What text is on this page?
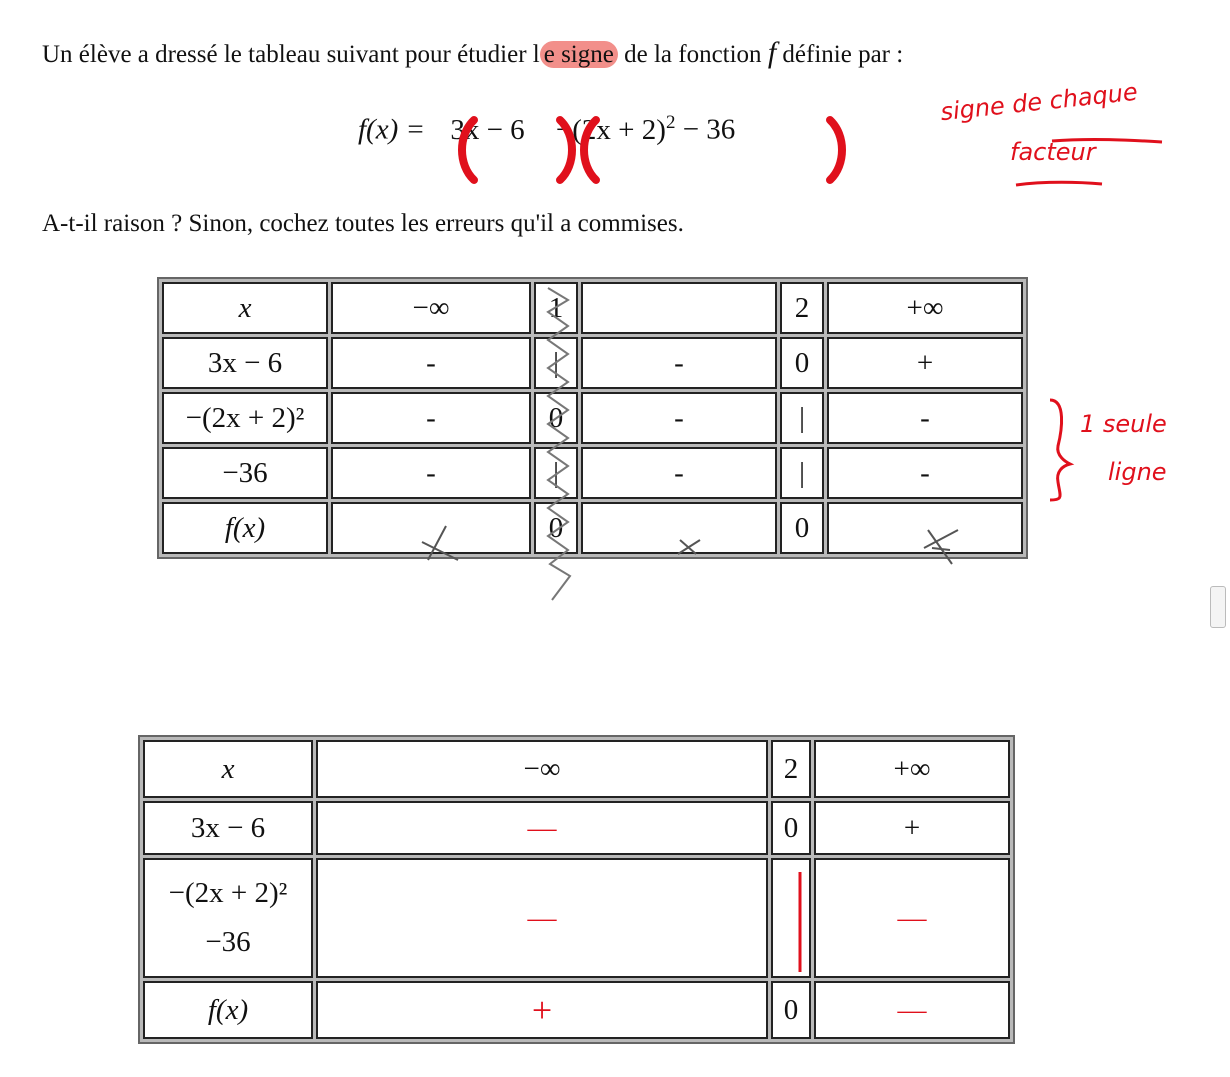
Un élève a dressé le tableau suivant pour étudier l e signe de la fonction f définie par :
$f(x) = 3x - 6 -(2x + 2)^2 - 36$
signe de chaque
facteur
A-t-il raison ? Sinon, cochez toutes les erreurs qu'il a commises.
x	−∞	1		2	+∞
3x − 6	-	|	-	0	+
−(2x + 2)²	-	0	-	|	-
−36	-	|	-	|	-
f(x)		0		0	
1 seule
ligne
x	−∞	2	+∞
3x − 6	—	0	+

−(2x + 2)²
−36	—		—
f(x)	+	0	—
